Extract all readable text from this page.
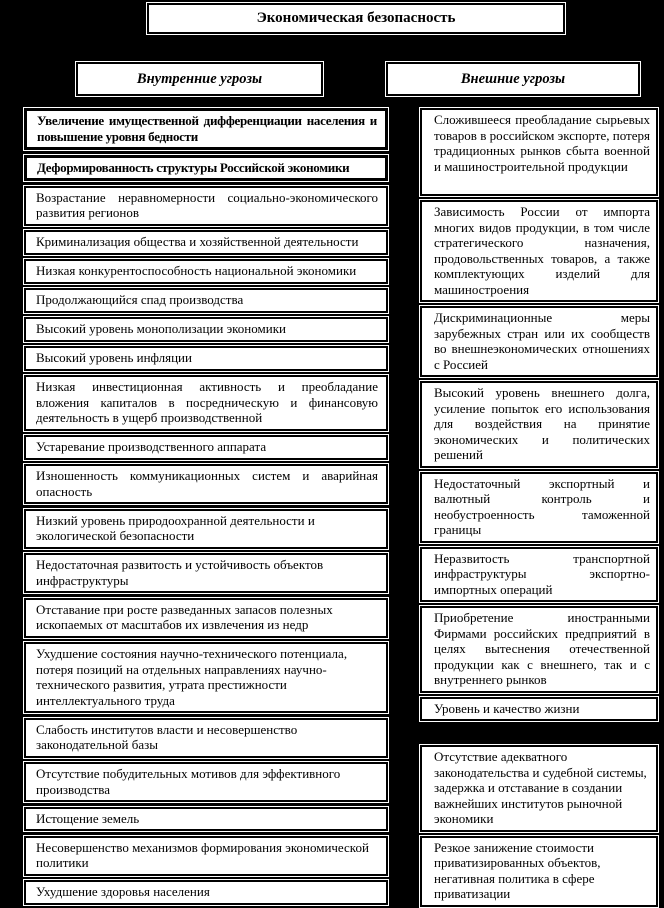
Экономическая безопасность
Внутренние угрозы	Внешние угрозы
Увеличение имущественной дифференциации населения и повышение уровня бедности
Деформированность структуры Российской экономики
Возрастание неравномерности социально-экономического развития регионов
Криминализация общества и хозяйственной деятельности
Низкая конкурентоспособность национальной экономики
Продолжающийся спад производства
Высокий уровень монополизации экономики
Высокий уровень инфляции
Низкая инвестиционная активность и преобладание вложения капиталов в посредническую и финансовую деятельность в ущерб производственной
Устаревание производственного аппарата
Изношенность коммуникационных систем и аварийная опасность
Низкий уровень природоохранной деятельности и экологической безопасности
Недостаточная развитость и устойчивость объектов инфраструктуры
Отставание при росте разведанных запасов полезных ископаемых от масштабов их извлечения из недр
Ухудшение состояния научно-технического потенциала, потеря позиций на отдельных направлениях научно-технического развития, утрата престижности интеллектуального труда
Слабость институтов власти и несовершенство законодательной базы
Отсутствие побудительных мотивов для эффективного производства
Истощение земель
Несовершенство механизмов формирования экономической политики
Ухудшение здоровья населения
Сложившееся преобладание сырьевых товаров в российском экспорте, потеря традиционных рынков сбыта военной и машиностроительной продукции
Зависимость России от импорта многих видов продукции, в том числе стратегического назначения, продовольственных товаров, а также комплектующих изделий для машиностроения
Дискриминационные меры зарубежных стран или их сообществ во внешнеэкономических отношениях с Россией
Высокий уровень внешнего долга, усиление попыток его использования для воздействия на принятие экономических и политических решений
Недостаточный экспортный и валютный контроль и необустроенность таможенной границы
Неразвитость транспортной инфраструктуры экспортно-импортных операций
Приобретение иностранными Фирмами российских предприятий в целях вытеснения отечественной продукции как с внешнего, так и с внутреннего рынков
Уровень и качество жизни
Отсутствие адекватного законодательства и судебной системы, задержка и отставание в создании важнейших институтов рыночной экономики
Резкое занижение стоимости приватизированных объектов, негативная политика в сфере приватизации
